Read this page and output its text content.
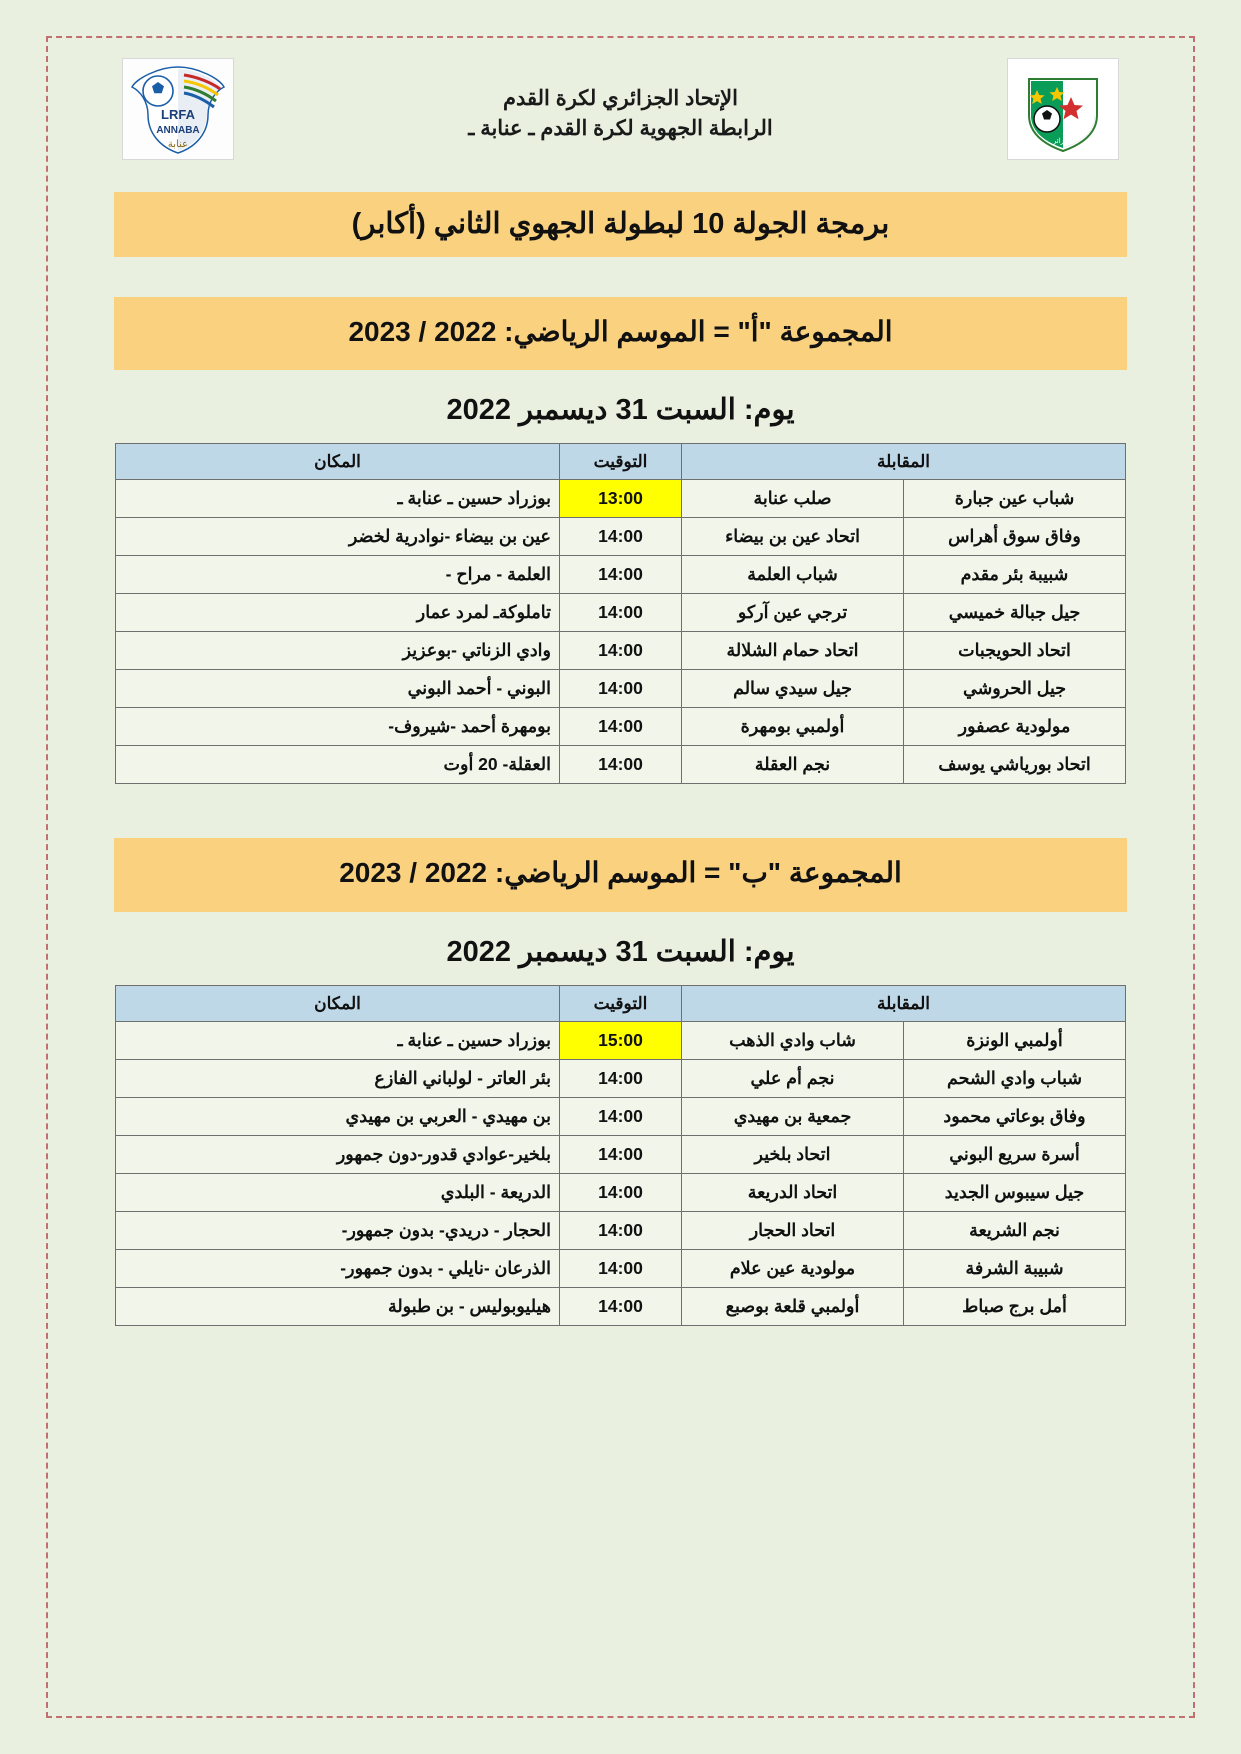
الجزائر
الإتحاد الجزائري لكرة القدم
الرابطة الجهوية لكرة القدم ـ عنابة ـ
LRFA
ANNABA
عنابة
برمجة الجولة 10 لبطولة الجهوي الثاني (أكابر)
المجموعة "أ" = الموسم الرياضي: 2022 / 2023
يوم: السبت 31 ديسمبر 2022
المقابلة		التوقيت	المكان
شباب عين جبارة	صلب عنابة	13:00	بوزراد حسين ـ عنابة ـ
وفاق سوق أهراس	اتحاد عين بن بيضاء	14:00	عين بن بيضاء -نوادرية لخضر
شبيبة بئر مقدم	شباب العلمة	14:00	العلمة - مراح -
جيل جبالة خميسي	ترجي عين آركو	14:00	تاملوكةـ لمرد عمار
اتحاد الحويجبات	اتحاد حمام الشلالة	14:00	وادي الزناتي -بوعزيز
جيل الحروشي	جيل سيدي سالم	14:00	البوني - أحمد البوني
مولودية عصفور	أولمبي بومهرة	14:00	بومهرة أحمد -شيروف-
اتحاد بورياشي يوسف	نجم العقلة	14:00	العقلة- 20 أوت
المجموعة "ب" = الموسم الرياضي: 2022 / 2023
يوم: السبت 31 ديسمبر 2022
المقابلة		التوقيت	المكان
أولمبي الونزة	شاب وادي الذهب	15:00	بوزراد حسين ـ عنابة ـ
شباب وادي الشحم	نجم أم علي	14:00	بئر العاتر - لولباني الفازع
وفاق بوعاتي محمود	جمعية بن مهيدي	14:00	بن مهيدي - العربي بن مهيدي
أسرة سريع البوني	اتحاد بلخير	14:00	بلخير-عوادي قدور-دون جمهور
جيل سيبوس الجديد	اتحاد الدريعة	14:00	الدريعة - البلدي
نجم الشريعة	اتحاد الحجار	14:00	الحجار - دريدي- بدون جمهور-
شبيبة الشرفة	مولودية عين علام	14:00	الذرعان -نايلي - بدون جمهور-
أمل برج صباط	أولمبي قلعة بوصبع	14:00	هيليوبوليس - بن طبولة
